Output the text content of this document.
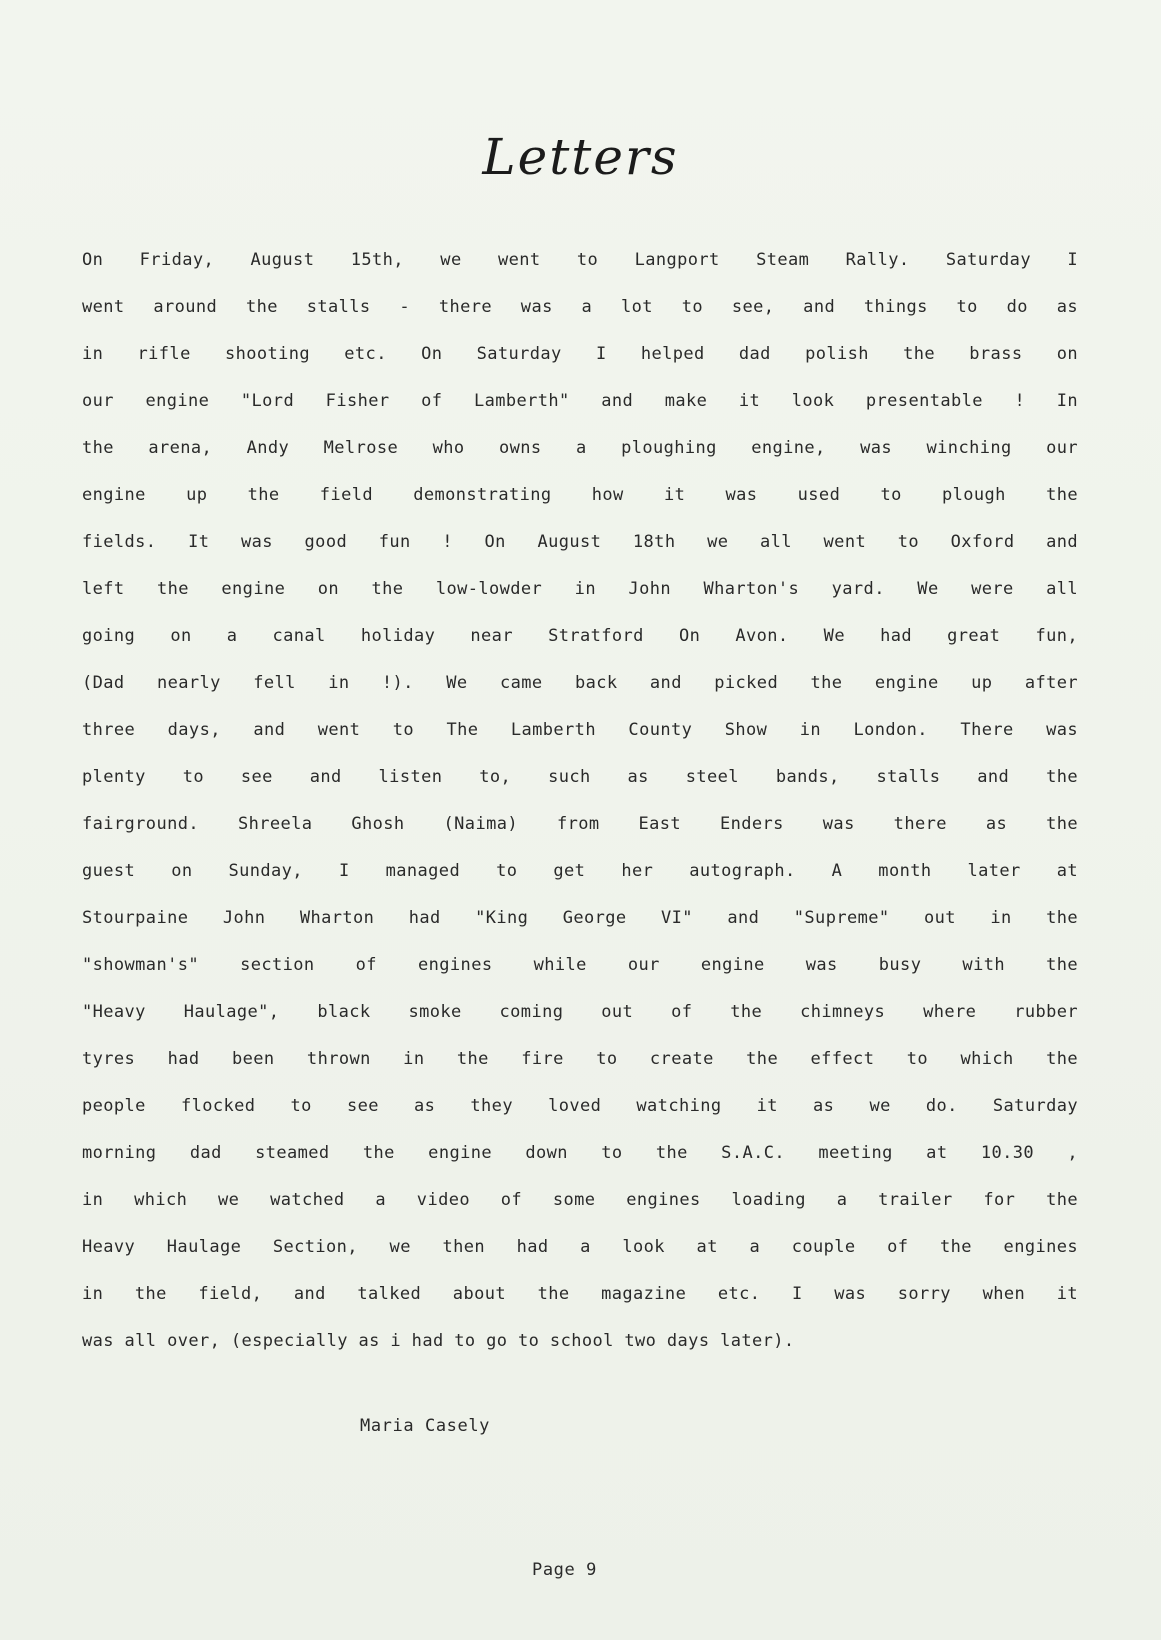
Letters
On Friday, August 15th, we went to Langport Steam Rally. Saturday I
went around the stalls - there was a lot to see, and things to do as
in rifle shooting etc. On Saturday I helped dad polish the brass on
our engine "Lord Fisher of Lamberth" and make it look presentable ! In
the arena, Andy Melrose who owns a ploughing engine, was winching our
engine up the field demonstrating how it was used to plough the
fields. It was good fun ! On August 18th we all went to Oxford and
left the engine on the low-lowder in John Wharton's yard. We were all
going on a canal holiday near Stratford On Avon. We had great fun,
(Dad nearly fell in !). We came back and picked the engine up after
three days, and went to The Lamberth County Show in London. There was
plenty to see and listen to, such as steel bands, stalls and the
fairground. Shreela Ghosh (Naima) from East Enders was there as the
guest on Sunday, I managed to get her autograph. A month later at
Stourpaine John Wharton had "King George VI" and "Supreme" out in the
"showman's" section of engines while our engine was busy with the
"Heavy Haulage", black smoke coming out of the chimneys where rubber
tyres had been thrown in the fire to create the effect to which the
people flocked to see as they loved watching it as we do. Saturday
morning dad steamed the engine down to the S.A.C. meeting at 10.30 ,
in which we watched a video of some engines loading a trailer for the
Heavy Haulage Section, we then had a look at a couple of the engines
in the field, and talked about the magazine etc. I was sorry when it
was all over, (especially as i had to go to school two days later).
Maria Casely
Page 9
